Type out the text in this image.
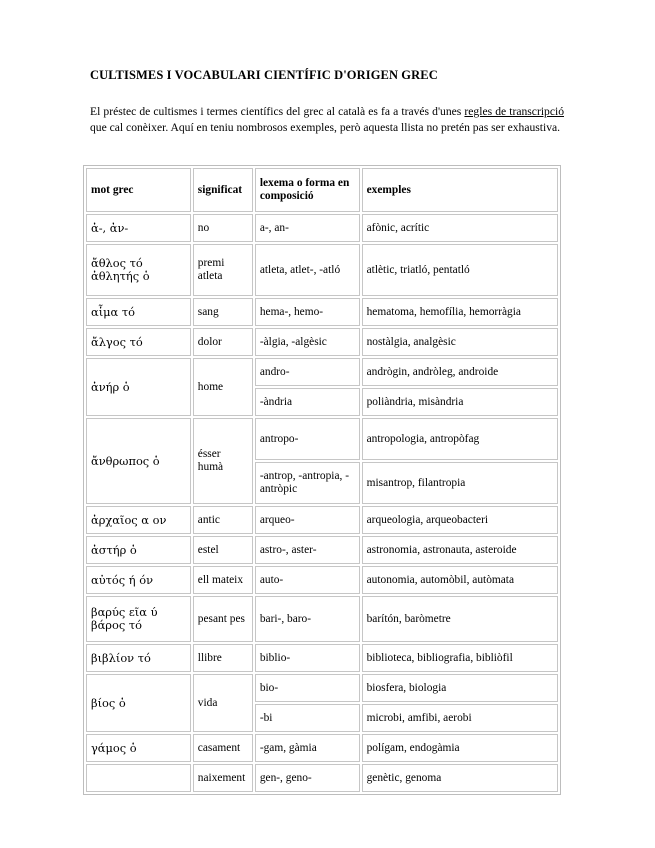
CULTISMES I VOCABULARI CIENTÍFIC D'ORIGEN GREC

El préstec de cultismes i termes científics del grec al català es fa a través d'unes regles de transcripció que cal conèixer. Aquí en teniu nombrosos exemples, però aquesta llista no pretén pas ser exhaustiva.

mot grec	significat	lexema o forma en composició	exemples
ἀ-, ἀν-	no	a-, an-	afònic, acrític
ἄθλος τό ἀθλητής ὁ	premi atleta	atleta, atlet-, -atló	atlètic, triatló, pentatló
αἷμα τό	sang	hema-, hemo-	hematoma, hemofília, hemorràgia
ἄλγος τό	dolor	-àlgia, -algèsic	nostàlgia, analgèsic
ἀνήρ ὁ	home	andro-	andrògin, andròleg, androide
		-àndria	poliàndria, misàndria
ἄνθρωπος ὁ	ésser humà	antropo-	antropologia, antropòfag
		-antrop, -antropia, -antròpic	misantrop, filantropia
ἀρχαῖος α ον	antic	arqueo-	arqueologia, arqueobacteri
ἀστήρ ὁ	estel	astro-, aster-	astronomia, astronauta, asteroide
αὐτός ή όν	ell mateix	auto-	autonomia, automòbil, autòmata
βαρύς εῖα ύ βάρος τό	pesant pes	bari-, baro-	barítón, baròmetre
βιβλίον τό	llibre	biblio-	biblioteca, bibliografia, bibliòfil
βίος ὁ	vida	bio-	biosfera, biologia
		-bi	microbi, amfibi, aerobi
γάμος ὁ	casament	-gam, gàmia	polígam, endogàmia
	naixement	gen-, geno-	genètic, genoma
